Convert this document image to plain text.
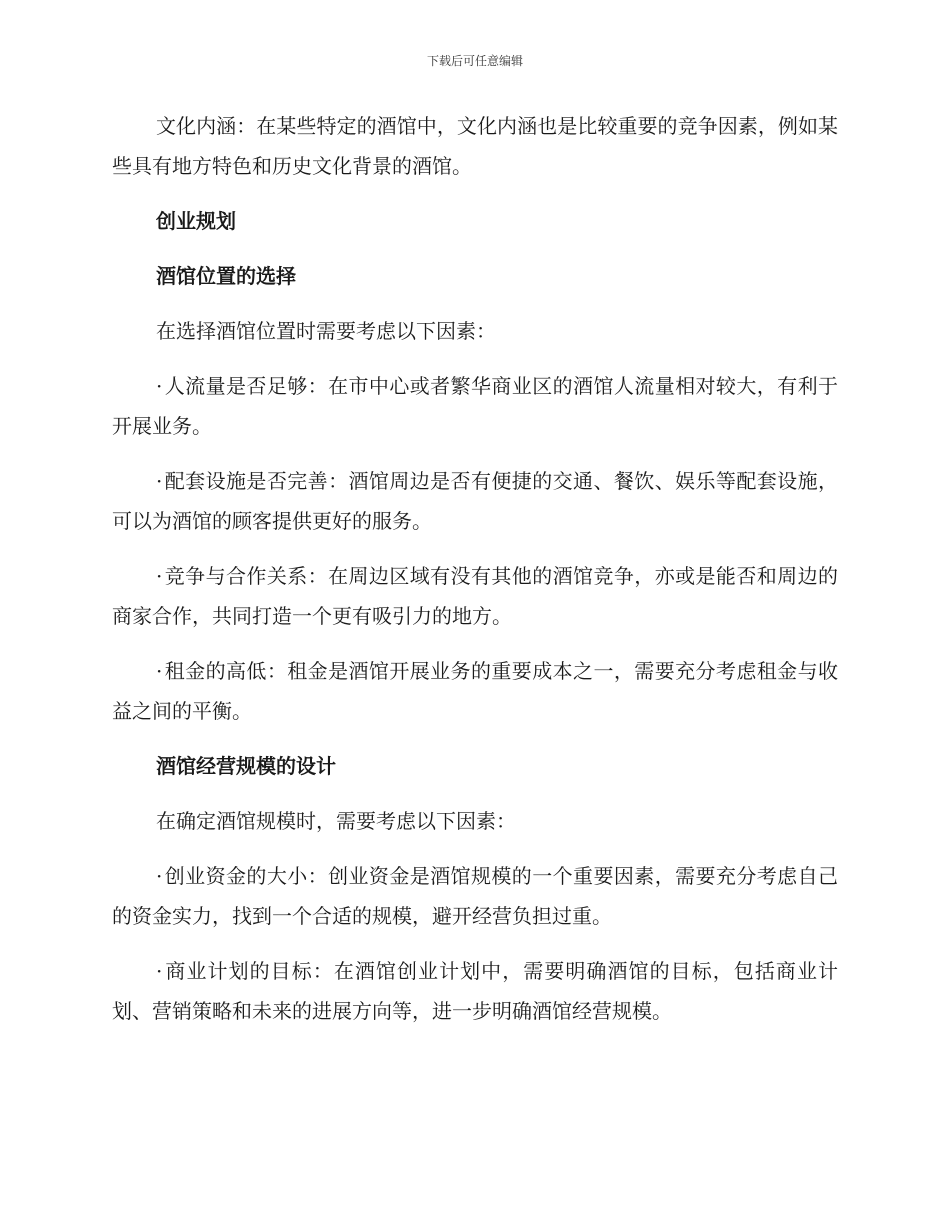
下载后可任意编辑

文化内涵：在某些特定的酒馆中，文化内涵也是比较重要的竞争因素，例如某些具有地方特色和历史文化背景的酒馆。

创业规划

酒馆位置的选择

在选择酒馆位置时需要考虑以下因素：

· 人流量是否足够：在市中心或者繁华商业区的酒馆人流量相对较大，有利于开展业务。

· 配套设施是否完善：酒馆周边是否有便捷的交通、餐饮、娱乐等配套设施，可以为酒馆的顾客提供更好的服务。

· 竞争与合作关系：在周边区域有没有其他的酒馆竞争，亦或是能否和周边的商家合作，共同打造一个更有吸引力的地方。

· 租金的高低：租金是酒馆开展业务的重要成本之一，需要充分考虑租金与收益之间的平衡。

酒馆经营规模的设计

在确定酒馆规模时，需要考虑以下因素：

· 创业资金的大小：创业资金是酒馆规模的一个重要因素，需要充分考虑自己的资金实力，找到一个合适的规模，避开经营负担过重。

· 商业计划的目标：在酒馆创业计划中，需要明确酒馆的目标，包括商业计划、营销策略和未来的进展方向等，进一步明确酒馆经营规模。
